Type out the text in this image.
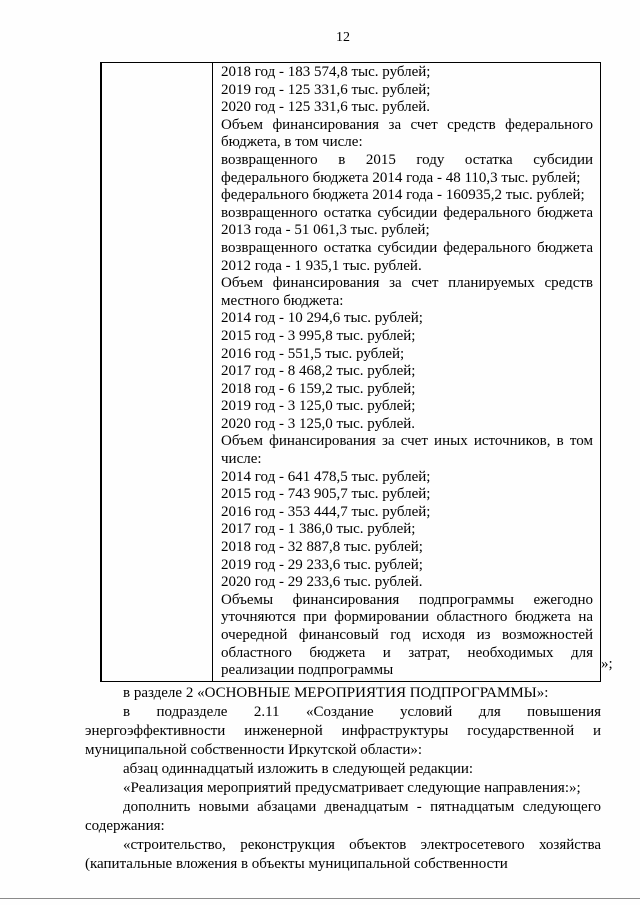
12

2018 год - 183 574,8 тыс. рублей;

2019 год - 125 331,6 тыс. рублей;

2020 год - 125 331,6 тыс. рублей.

Объем финансирования за счет средств федерального бюджета, в том числе:

возвращенного в 2015 году остатка субсидии федерального бюджета 2014 года - 48 110,3 тыс. рублей;

федерального бюджета 2014 года - 160935,2 тыс. рублей;

возвращенного остатка субсидии федерального бюджета 2013 года - 51 061,3 тыс. рублей;

возвращенного остатка субсидии федерального бюджета 2012 года - 1 935,1 тыс. рублей.

Объем финансирования за счет планируемых средств местного бюджета:

2014 год - 10 294,6 тыс. рублей;

2015 год - 3 995,8 тыс. рублей;

2016 год - 551,5 тыс. рублей;

2017 год - 8 468,2 тыс. рублей;

2018 год - 6 159,2 тыс. рублей;

2019 год - 3 125,0 тыс. рублей;

2020 год - 3 125,0 тыс. рублей.

Объем финансирования за счет иных источников, в том числе:

2014 год - 641 478,5 тыс. рублей;

2015 год - 743 905,7 тыс. рублей;

2016 год - 353 444,7 тыс. рублей;

2017 год - 1 386,0 тыс. рублей;

2018 год - 32 887,8 тыс. рублей;

2019 год - 29 233,6 тыс. рублей;

2020 год - 29 233,6 тыс. рублей.

Объемы финансирования подпрограммы ежегодно уточняются при формировании областного бюджета на очередной финансовый год исходя из возможностей областного бюджета и затрат, необходимых для реализации подпрограммы	»;

в разделе 2 «ОСНОВНЫЕ МЕРОПРИЯТИЯ ПОДПРОГРАММЫ»:

в подразделе 2.11 «Создание условий для повышения энергоэффективности инженерной инфраструктуры государственной и муниципальной собственности Иркутской области»:

абзац одиннадцатый изложить в следующей редакции:

«Реализация мероприятий предусматривает следующие направления:»;

дополнить новыми абзацами двенадцатым - пятнадцатым следующего содержания:

«строительство, реконструкция объектов электросетевого хозяйства (капитальные вложения в объекты муниципальной собственности
